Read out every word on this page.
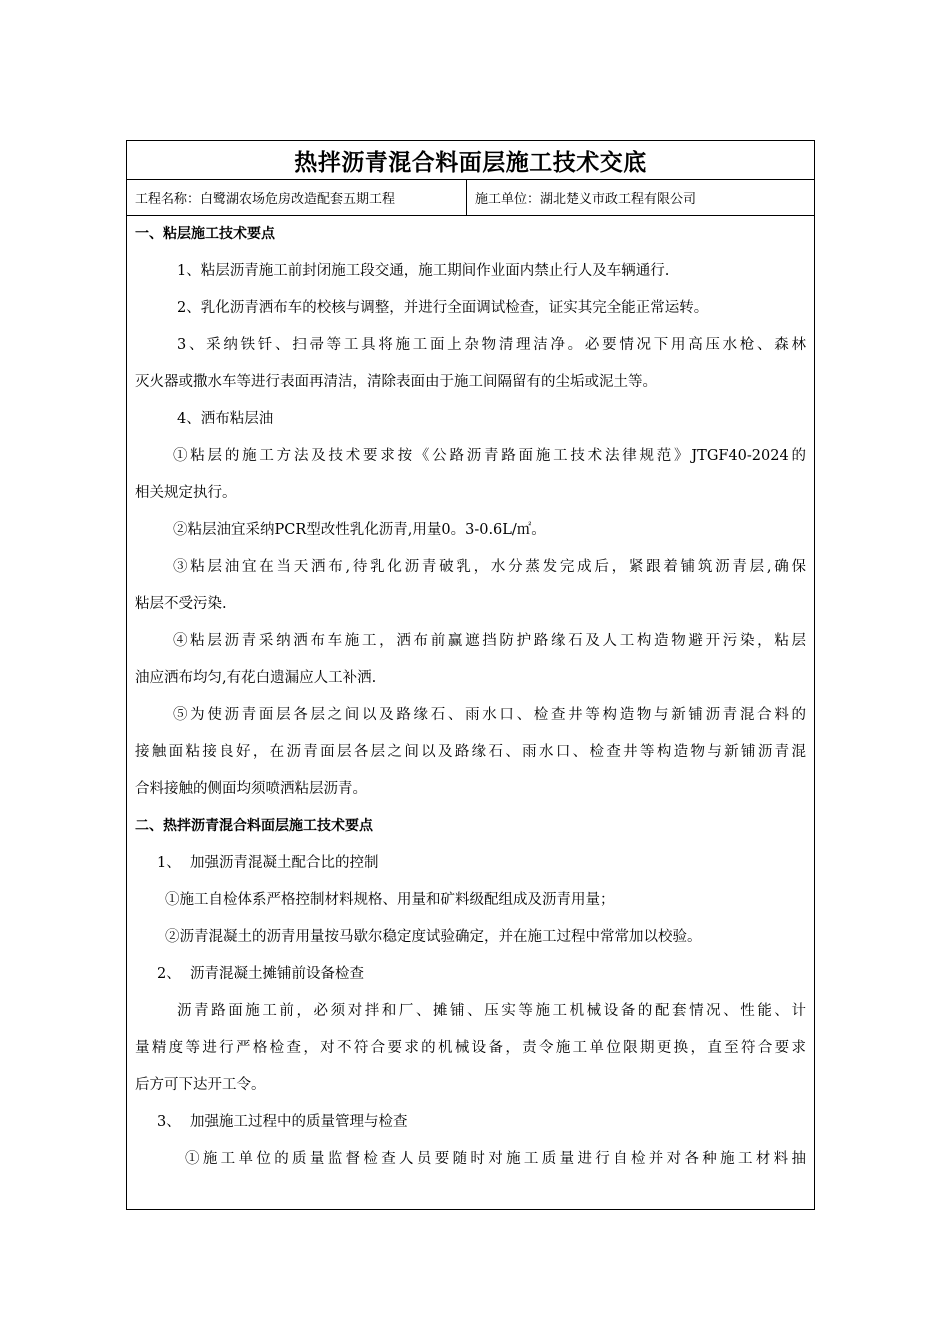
热拌沥青混合料面层施工技术交底
工程名称：白鹭湖农场危房改造配套五期工程	施工单位：湖北楚义市政工程有限公司
一、粘层施工技术要点
1、粘层沥青施工前封闭施工段交通，施工期间作业面内禁止行人及车辆通行.
2、乳化沥青洒布车的校核与调整，并进行全面调试检查，证实其完全能正常运转。
3、采纳铁钎、扫帚等工具将施工面上杂物清理洁净。必要情况下用高压水枪、森林
灭火器或撒水车等进行表面再清洁，清除表面由于施工间隔留有的尘垢或泥土等。
4、洒布粘层油
①粘层的施工方法及技术要求按《公路沥青路面施工技术法律规范》JTGF40-2024的
相关规定执行。
②粘层油宜采纳PCR型改性乳化沥青,用量0。3-0.6L/㎡。
③粘层油宜在当天洒布,待乳化沥青破乳，水分蒸发完成后，紧跟着铺筑沥青层,确保
粘层不受污染.
④粘层沥青采纳洒布车施工，洒布前赢遮挡防护路缘石及人工构造物避开污染，粘层
油应洒布均匀,有花白遗漏应人工补洒.
⑤为使沥青面层各层之间以及路缘石、雨水口、检查井等构造物与新铺沥青混合料的
接触面粘接良好，在沥青面层各层之间以及路缘石、雨水口、检查井等构造物与新铺沥青混
合料接触的侧面均须喷洒粘层沥青。
二、热拌沥青混合料面层施工技术要点
1、  加强沥青混凝土配合比的控制
①施工自检体系严格控制材料规格、用量和矿料级配组成及沥青用量；
②沥青混凝土的沥青用量按马歇尔稳定度试验确定，并在施工过程中常常加以校验。
2、  沥青混凝土摊铺前设备检查
沥青路面施工前，必须对拌和厂、摊铺、压实等施工机械设备的配套情况、性能、计
量精度等进行严格检查，对不符合要求的机械设备，责令施工单位限期更换，直至符合要求
后方可下达开工令。
3、  加强施工过程中的质量管理与检查
①施工单位的质量监督检查人员要随时对施工质量进行自检并对各种施工材料抽
